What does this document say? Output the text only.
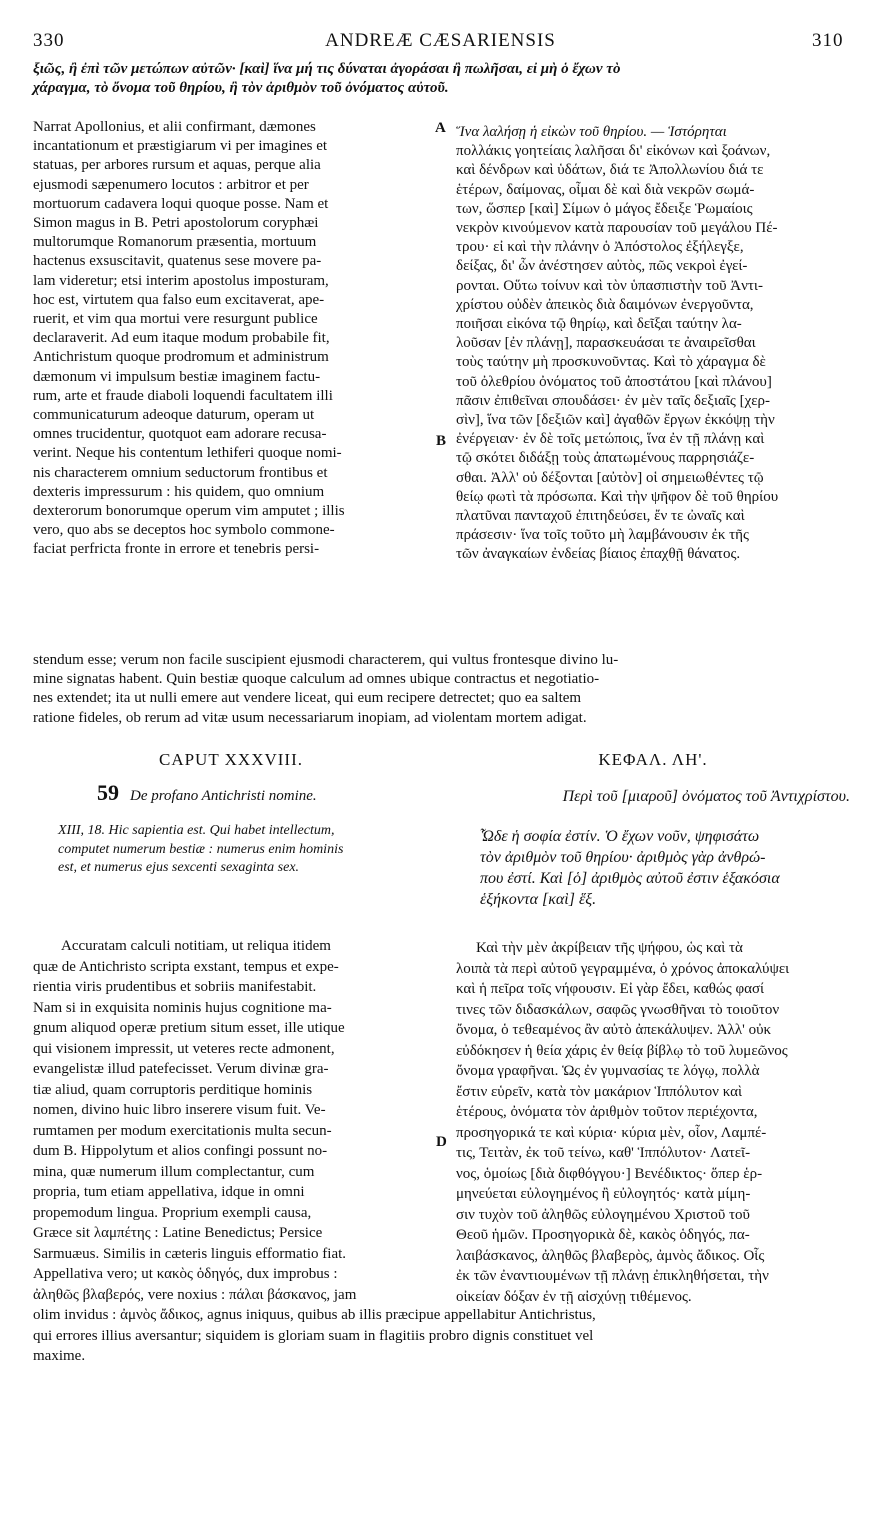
330	ANDREÆ CÆSARIENSIS	310
ξιῶς, ἢ ἐπὶ τῶν μετώπων αὐτῶν· [καὶ] ἵνα μή τις δύναται ἀγοράσαι ἢ πωλῆσαι, εἰ μὴ ὁ ἔχων τὸ
χάραγμα, τὸ ὄνομα τοῦ θηρίου, ἢ τὸν ἀριθμὸν τοῦ ὀνόματος αὐτοῦ.
Narrat Apollonius, et alii confirmant, dæmones
incantationum et præstigiarum vi per imagines et
statuas, per arbores rursum et aquas, perque alia
ejusmodi sæpenumero locutos : arbitror et per
mortuorum cadavera loqui quoque posse. Nam et
Simon magus in B. Petri apostolorum coryphæi
multorumque Romanorum præsentia, mortuum
hactenus exsuscitavit, quatenus sese movere pa-
lam videretur; etsi interim apostolus imposturam,
hoc est, virtutem qua falso eum excitaverat, ape-
ruerit, et vim qua mortui vere resurgunt publice
declaraverit. Ad eum itaque modum probabile fit,
Antichristum quoque prodromum et administrum
dæmonum vi impulsum bestiæ imaginem factu-
rum, arte et fraude diaboli loquendi facultatem illi
communicaturum adeoque daturum, operam ut
omnes trucidentur, quotquot eam adorare recusa-
verint. Neque his contentum lethiferi quoque nomi-
nis characterem omnium seductorum frontibus et
dexteris impressurum : his quidem, quo omnium
dexterorum bonorumque operum vim amputet ; illis
vero, quo abs se deceptos hoc symbolo commone-
faciat perfricta fronte in errore et tenebris persi-
stendum esse; verum non facile suscipient ejusmodi characterem, qui vultus frontesque divino lu-
mine signatas habent. Quin bestiæ quoque calculum ad omnes ubique contractus et negotiatio-
nes extendet; ita ut nulli emere aut vendere liceat, qui eum recipere detrectet; quo ea saltem
ratione fideles, ob rerum ad vitæ usum necessariarum inopiam, ad violentam mortem adigat.
Ἵνα λαλήσῃ ἡ εἰκὼν τοῦ θηρίου. — Ἱστόρηται
πολλάκις γοητείαις λαλῆσαι δι' εἰκόνων καὶ ξοάνων,
καὶ δένδρων καὶ ὑδάτων, διά τε Ἀπολλωνίου διά τε
ἑτέρων, δαίμονας, οἶμαι δὲ καὶ διὰ νεκρῶν σωμά-
των, ὥσπερ [καὶ] Σίμων ὁ μάγος ἔδειξε Ῥωμαίοις
νεκρὸν κινούμενον κατὰ παρουσίαν τοῦ μεγάλου Πέ-
τρου· εἰ καὶ τὴν πλάνην ὁ Ἀπόστολος ἐξήλεγξε,
δείξας, δι' ὧν ἀνέστησεν αὐτὸς, πῶς νεκροὶ ἐγεί-
ρονται. Οὕτω τοίνυν καὶ τὸν ὑπασπιστὴν τοῦ Ἀντι-
χρίστου οὐδὲν ἀπεικὸς διὰ δαιμόνων ἐνεργοῦντα,
ποιῆσαι εἰκόνα τῷ θηρίῳ, καὶ δεῖξαι ταύτην λα-
λοῦσαν [ἐν πλάνῃ], παρασκευάσαι τε ἀναιρεῖσθαι
τοὺς ταύτην μὴ προσκυνοῦντας. Καὶ τὸ χάραγμα δὲ
τοῦ ὀλεθρίου ὀνόματος τοῦ ἀποστάτου [καὶ πλάνου]
πᾶσιν ἐπιθεῖναι σπουδάσει· ἐν μὲν ταῖς δεξιαῖς [χερ-
σὶν], ἵνα τῶν [δεξιῶν καὶ] ἀγαθῶν ἔργων ἐκκόψῃ τὴν
ἐνέργειαν· ἐν δὲ τοῖς μετώποις, ἵνα ἐν τῇ πλάνῃ καὶ
τῷ σκότει διδάξῃ τοὺς ἀπατωμένους παρρησιάζε-
σθαι. Ἀλλ' οὐ δέξονται [αὐτὸν] οἱ σημειωθέντες τῷ
θείῳ φωτὶ τὰ πρόσωπα. Καὶ τὴν ψῆφον δὲ τοῦ θηρίου
πλατῦναι πανταχοῦ ἐπιτηδεύσει, ἔν τε ὠναῖς καὶ
πράσεσιν· ἵνα τοῖς τοῦτο μὴ λαμβάνουσιν ἐκ τῆς
τῶν ἀναγκαίων ἐνδείας βίαιος ἐπαχθῇ θάνατος.
A
B
D
CAPUT XXXVIII.
59 De profano Antichristi nomine.
ΚΕΦΑΛ. ΛΗ'.
Περὶ τοῦ [μιαροῦ] ὀνόματος τοῦ Ἀντιχρίστου.
XIII, 18. Hic sapientia est. Qui habet intellectum,
computet numerum bestiæ : numerus enim hominis
est, et numerus ejus sexcenti sexaginta sex.
Ὧδε ἡ σοφία ἐστίν. Ὁ ἔχων νοῦν, ψηφισάτω
τὸν ἀριθμὸν τοῦ θηρίου· ἀριθμὸς γὰρ ἀνθρώ-
που ἐστί. Καὶ [ὁ] ἀριθμὸς αὐτοῦ ἐστιν ἑξακόσια
ἑξήκοντα [καὶ] ἕξ.
Accuratam calculi notitiam, ut reliqua itidem
quæ de Antichristo scripta exstant, tempus et expe-
rientia viris prudentibus et sobriis manifestabit.
Nam si in exquisita nominis hujus cognitione ma-
gnum aliquod operæ pretium situm esset, ille utique
qui visionem impressit, ut veteres recte admonent,
evangelistæ illud patefecisset. Verum divinæ gra-
tiæ aliud, quam corruptoris perditique hominis
nomen, divino huic libro inserere visum fuit. Ve-
rumtamen per modum exercitationis multa secun-
dum B. Hippolytum et alios confingi possunt no-
mina, quæ numerum illum complectantur, cum
propria, tum etiam appellativa, idque in omni
propemodum lingua. Proprium exempli causa,
Græce sit λαμπέτης : Latine Benedictus; Persice
Sarmuæus. Similis in cæteris linguis efformatio fiat.
Appellativa vero; ut κακὸς ὁδηγός, dux improbus :
ἀληθῶς βλαβερός, vere noxius : πάλαι βάσκανος, jam
olim invidus : ἀμνὸς ἄδικος, agnus iniquus, quibus ab illis præcipue appellabitur Antichristus,
qui errores illius aversantur; siquidem is gloriam suam in flagitiis probro dignis constituet vel
maxime.
Καὶ τὴν μὲν ἀκρίβειαν τῆς ψήφου, ὡς καὶ τὰ
λοιπὰ τὰ περὶ αὐτοῦ γεγραμμένα, ὁ χρόνος ἀποκαλύψει
καὶ ἡ πεῖρα τοῖς νήφουσιν. Εἰ γὰρ ἔδει, καθώς φασί
τινες τῶν διδασκάλων, σαφῶς γνωσθῆναι τὸ τοιοῦτον
ὄνομα, ὁ τεθεαμένος ἂν αὐτὸ ἀπεκάλυψεν. Ἀλλ' οὐκ
εὐδόκησεν ἡ θεία χάρις ἐν θείᾳ βίβλῳ τὸ τοῦ λυμεῶνος
ὄνομα γραφῆναι. Ὡς ἐν γυμνασίας τε λόγῳ, πολλὰ
ἔστιν εὑρεῖν, κατὰ τὸν μακάριον Ἱππόλυτον καὶ
ἑτέρους, ὀνόματα τὸν ἀριθμὸν τοῦτον περιέχοντα,
προσηγορικά τε καὶ κύρια· κύρια μὲν, οἷον, Λαμπέ-
τις, Τειτὰν, ἐκ τοῦ τείνω, καθ' Ἱππόλυτον· Λατεῖ-
νος, ὁμοίως [διὰ διφθόγγου·] Βενέδικτος· ὅπερ ἑρ-
μηνεύεται εὐλογημένος ἢ εὐλογητός· κατὰ μίμη-
σιν τυχὸν τοῦ ἀληθῶς εὐλογημένου Χριστοῦ τοῦ
Θεοῦ ἡμῶν. Προσηγορικὰ δὲ, κακὸς ὁδηγός, πα-
λαιβάσκανος, ἀληθῶς βλαβερὸς, ἀμνὸς ἄδικος. Οἷς
ἐκ τῶν ἐναντιουμένων τῇ πλάνῃ ἐπικληθήσεται, τὴν
οἰκείαν δόξαν ἐν τῇ αἰσχύνῃ τιθέμενος.
